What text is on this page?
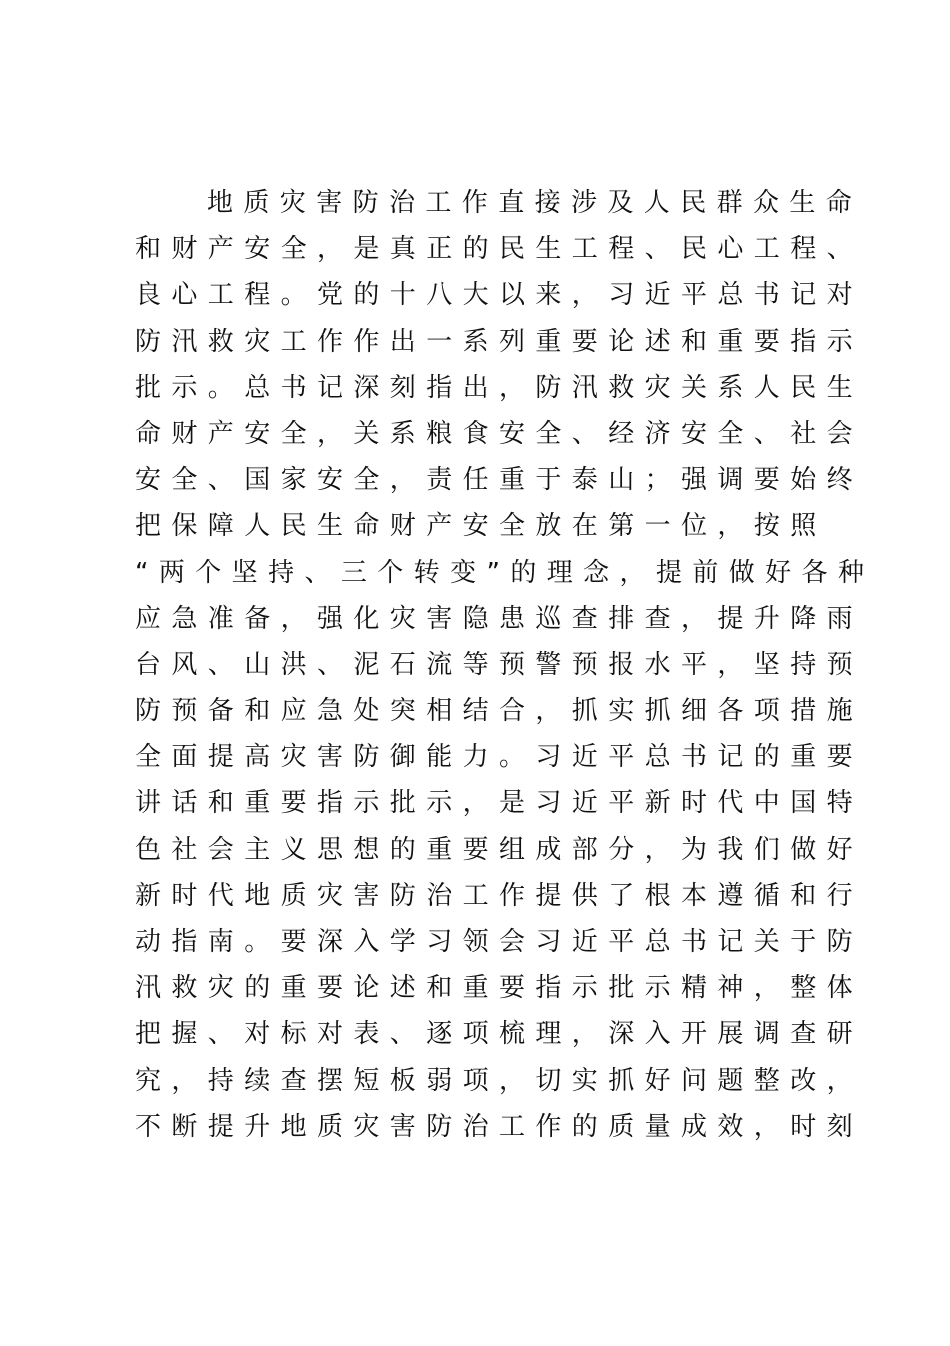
地质灾害防治工作直接涉及人民群众生命
和财产安全，是真正的民生工程、民心工程、
良心工程。党的十八大以来，习近平总书记对
防汛救灾工作作出一系列重要论述和重要指示
批示。总书记深刻指出，防汛救灾关系人民生
命财产安全，关系粮食安全、经济安全、社会
安全、国家安全，责任重于泰山；强调要始终
把保障人民生命财产安全放在第一位，按照
“两个坚持、三个转变”的理念，提前做好各种
应急准备，强化灾害隐患巡查排查，提升降雨
台风、山洪、泥石流等预警预报水平，坚持预
防预备和应急处突相结合，抓实抓细各项措施
全面提高灾害防御能力。习近平总书记的重要
讲话和重要指示批示，是习近平新时代中国特
色社会主义思想的重要组成部分，为我们做好
新时代地质灾害防治工作提供了根本遵循和行
动指南。要深入学习领会习近平总书记关于防
汛救灾的重要论述和重要指示批示精神，整体
把握、对标对表、逐项梳理，深入开展调查研
究，持续查摆短板弱项，切实抓好问题整改，
不断提升地质灾害防治工作的质量成效，时刻
